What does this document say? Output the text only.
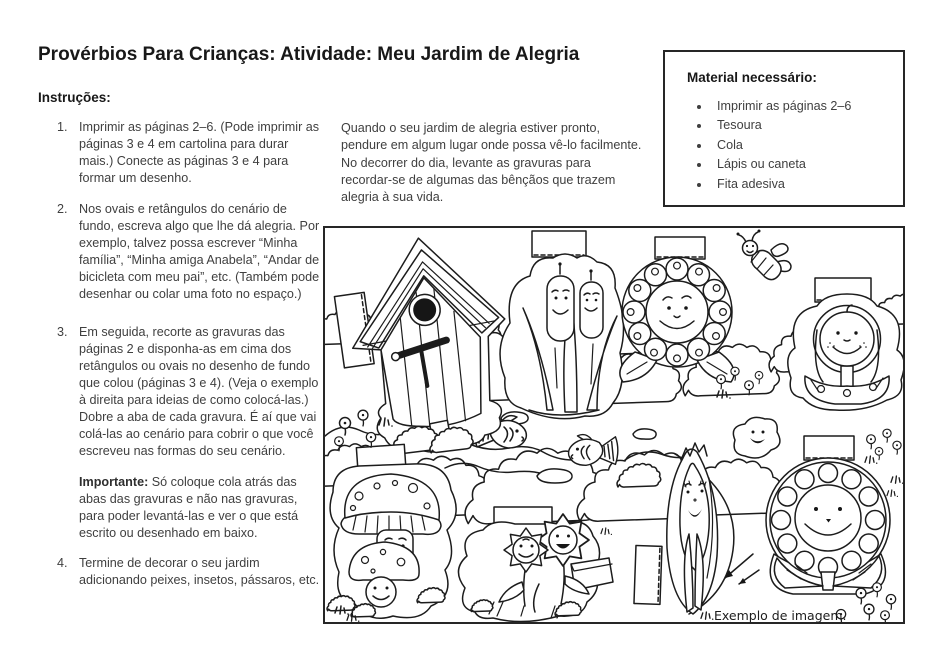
Provérbios Para Crianças: Atividade: Meu Jardim de Alegria
Instruções:
1. Imprimir as páginas 2–6. (Pode imprimir as páginas 3 e 4 em cartolina para durar mais.) Conecte as páginas 3 e 4 para formar um desenho.
2. Nos ovais e retângulos do cenário de fundo, escreva algo que lhe dá alegria. Por exemplo, talvez possa escrever “Minha família”, “Minha amiga Anabela”, “Andar de bicicleta com meu pai”, etc. (Também pode desenhar ou colar uma foto no espaço.)
3. Em seguida, recorte as gravuras das páginas 2 e disponha-as em cima dos retângulos ou ovais no desenho de fundo que colou (páginas 3 e 4). (Veja o exemplo à direita para ideias de como colocá-las.) Dobre a aba de cada gravura. É aí que vai colá-las ao cenário para cobrir o que você escreveu nas formas do seu cenário.
Importante: Só coloque cola atrás das abas das gravuras e não nas gravuras, para poder levantá-las e ver o que está escrito ou desenhado em baixo.
4. Termine de decorar o seu jardim adicionando peixes, insetos, pássaros, etc.
Quando o seu jardim de alegria estiver pronto, pendure em algum lugar onde possa vê-lo facilmente. No decorrer do dia, levante as gravuras para recordar-se de algumas das bênçãos que trazem alegria à sua vida.
Material necessário:
• Imprimir as páginas 2–6
• Tesoura
• Cola
• Lápis ou caneta
• Fita adesiva
Exemplo de imagem.
